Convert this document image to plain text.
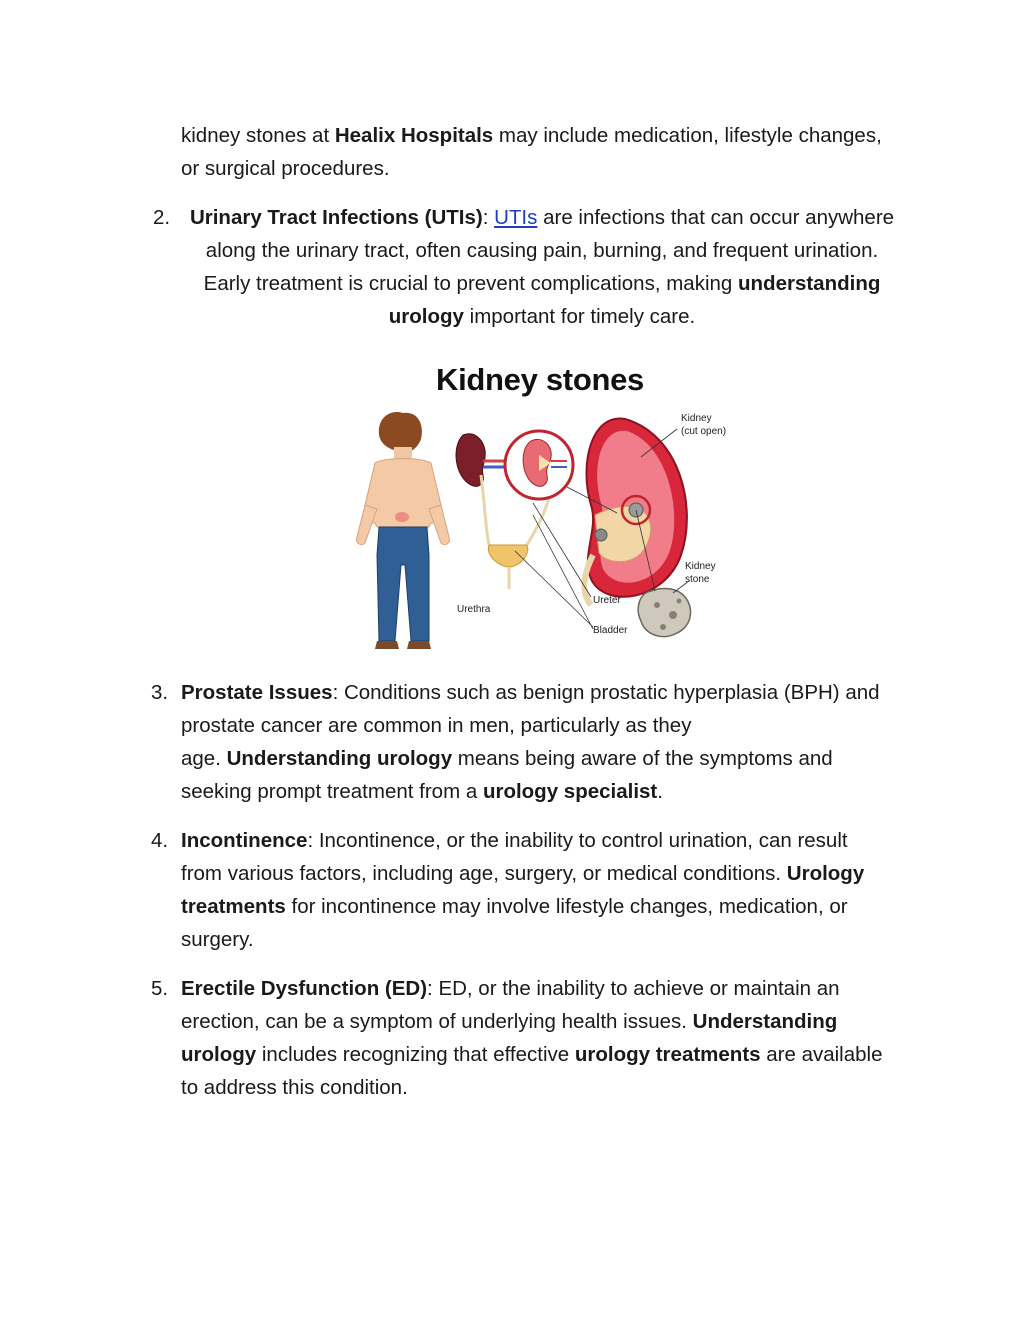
kidney stones at Healix Hospitals may include medication, lifestyle changes,
or surgical procedures.
2. Urinary Tract Infections (UTIs): UTIs are infections that can occur anywhere
along the urinary tract, often causing pain, burning, and frequent urination.
Early treatment is crucial to prevent complications, making understanding
urology important for timely care.
Kidney stones
Kidney
(cut open)
Kidney
stone
Ureter
Urethra
Bladder
3. Prostate Issues: Conditions such as benign prostatic hyperplasia (BPH) and
prostate cancer are common in men, particularly as they
age. Understanding urology means being aware of the symptoms and
seeking prompt treatment from a urology specialist.
4. Incontinence: Incontinence, or the inability to control urination, can result
from various factors, including age, surgery, or medical conditions. Urology
treatments for incontinence may involve lifestyle changes, medication, or
surgery.
5. Erectile Dysfunction (ED): ED, or the inability to achieve or maintain an
erection, can be a symptom of underlying health issues. Understanding
urology includes recognizing that effective urology treatments are available
to address this condition.
